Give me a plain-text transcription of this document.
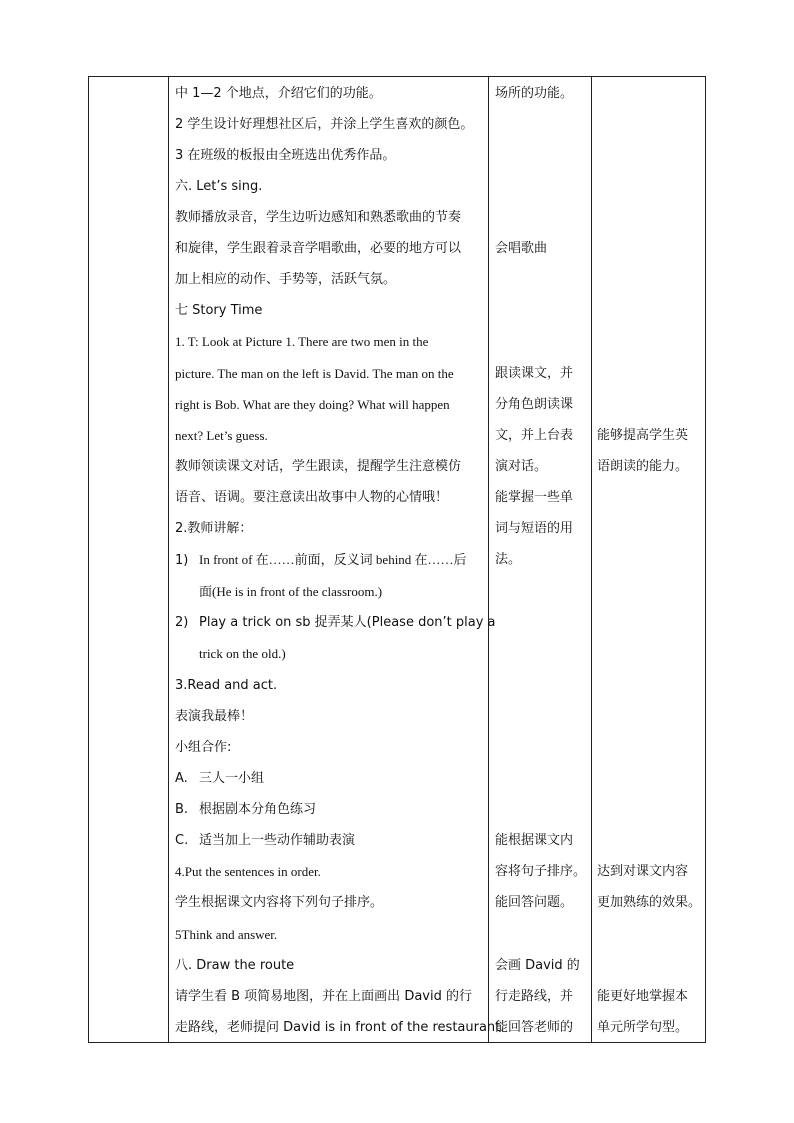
中 1—2 个地点，介绍它们的功能。
2 学生设计好理想社区后，并涂上学生喜欢的颜色。
3 在班级的板报由全班选出优秀作品。
六. Let’s sing.
教师播放录音，学生边听边感知和熟悉歌曲的节奏
和旋律，学生跟着录音学唱歌曲，必要的地方可以
加上相应的动作、手势等，活跃气氛。
七 Story Time
1. T: Look at Picture 1. There are two men in the
picture. The man on the left is David. The man on the
right is Bob. What are they doing? What will happen
next? Let’s guess.
教师领读课文对话，学生跟读，提醒学生注意模仿
语音、语调。要注意读出故事中人物的心情哦！
2.教师讲解：
1) In front of 在……前面，反义词 behind 在……后
面(He is in front of the classroom.)
2) Play a trick on sb 捉弄某人(Please don’t play a
trick on the old.)
3.Read and act.
表演我最棒！
小组合作:
A. 三人一小组
B. 根据剧本分角色练习
C. 适当加上一些动作辅助表演
4.Put the sentences in order.
学生根据课文内容将下列句子排序。
5Think and answer.
八. Draw the route
请学生看 B 项简易地图，并在上面画出 David 的行
走路线，老师提问 David is in front of the restaurant.
场所的功能。
会唱歌曲
跟读课文，并
分角色朗读课
文，并上台表
演对话。
能掌握一些单
词与短语的用
法。
能根据课文内
容将句子排序。
能回答问题。
会画 David 的
行走路线，并
能回答老师的
能够提高学生英
语朗读的能力。
达到对课文内容
更加熟练的效果。
能更好地掌握本
单元所学句型。
